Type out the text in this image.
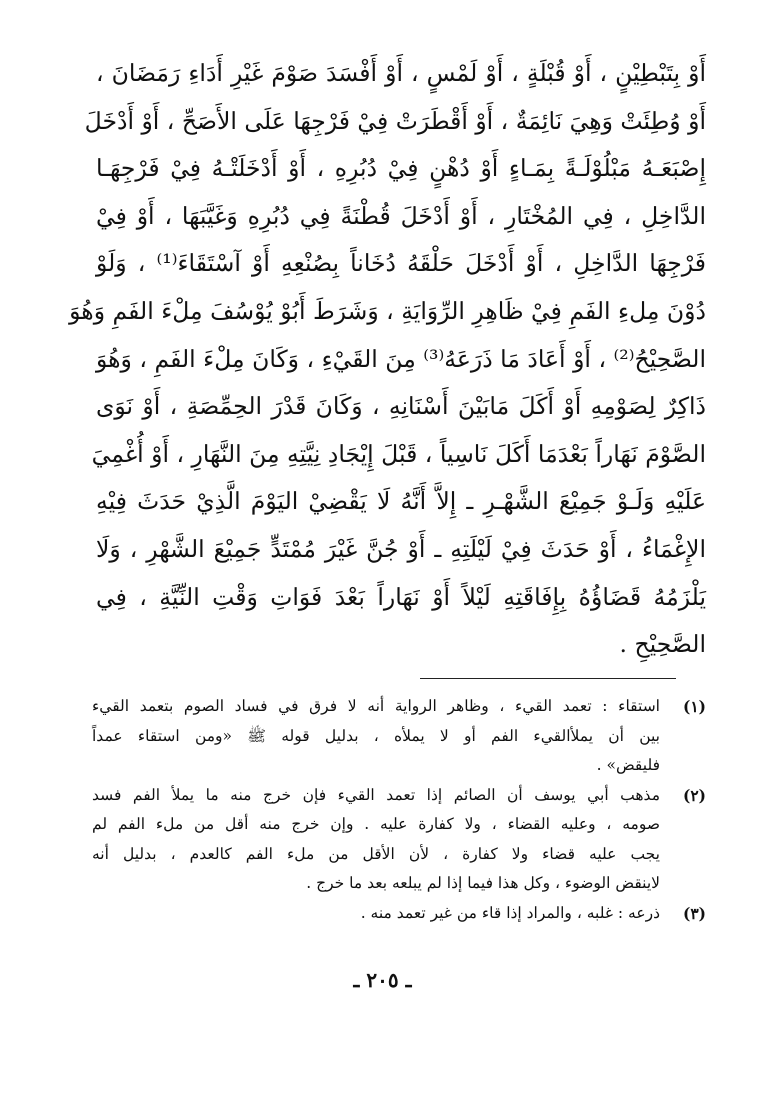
أَوْ بِتَبْطِيْنٍ ، أَوْ قُبْلَةٍ ، أَوْ لَمْسٍ ، أَوْ أَفْسَدَ صَوْمَ غَيْرِ أَدَاءِ رَمَضَانَ ،
أَوْ وُطِئَتْ وَهِيَ نَائِمَةٌ ، أَوْ أَقْطَرَتْ فِيْ فَرْجِهَا عَلَى الأَصَحِّ ، أَوْ أَدْخَلَ
إِصْبَعَـهُ مَبْلُوْلَـةً بِمَـاءٍ أَوْ دُهْنٍ فِيْ دُبُرِهِ ، أَوْ أَدْخَلَتْـهُ فِيْ فَرْجِهَـا
الدَّاخِلِ ، فِي المُخْتَارِ ، أَوْ أَدْخَلَ قُطْنَةً فِي دُبُرِهِ وَغَيَّبَهَا ، أَوْ فِيْ
فَرْجِهَا الدَّاخِلِ ، أَوْ أَدْخَلَ حَلْقَهُ دُخَاناً بِصُنْعِهِ أَوْ آسْتَقَاءَ⁽¹⁾ ، وَلَوْ
دُوْنَ مِلءِ الفَمِ فِيْ ظَاهِرِ الرِّوَايَةِ ، وَشَرَطَ أَبُوْ يُوْسُفَ مِلْءَ الفَمِ وَهُوَ
الصَّحِيْحُ⁽²⁾ ، أَوْ أَعَادَ مَا ذَرَعَهُ⁽³⁾ مِنَ القَيْءِ ، وَكَانَ مِلْءَ الفَمِ ، وَهُوَ
ذَاكِرٌ لِصَوْمِهِ أَوْ أَكَلَ مَابَيْنَ أَسْنَانِهِ ، وَكَانَ قَدْرَ الحِمِّصَةِ ، أَوْ نَوَى
الصَّوْمَ نَهَاراً بَعْدَمَا أَكَلَ نَاسِياً ، قَبْلَ إِيْجَادِ نِيَّتِهِ مِنَ النَّهَارِ ، أَوْ أُغْمِيَ
عَلَيْهِ وَلَـوْ جَمِيْعَ الشَّهْـرِ ـ إِلاَّ أَنَّهُ لَا يَقْضِيْ اليَوْمَ الَّذِيْ حَدَثَ فِيْهِ
الإِغْمَاءُ ، أَوْ حَدَثَ فِيْ لَيْلَتِهِ ـ أَوْ جُنَّ غَيْرَ مُمْتَدٍّ جَمِيْعَ الشَّهْرِ ، وَلَا
يَلْزَمُهُ قَضَاؤُهُ بِإِفَاقَتِهِ لَيْلاً أَوْ نَهَاراً بَعْدَ فَوَاتِ وَقْتِ النِّيَّةِ ، فِي
الصَّحِيْحِ .
(١)
استقاء : تعمد القيء ، وظاهر الرواية أنه لا فرق في فساد الصوم بتعمد القيء
بين أن يملأالقيء الفم أو لا يملأه ، بدليل قوله ﷺ «ومن استقاء عمداً
فليقض» .
(٢)
مذهب أبي يوسف أن الصائم إذا تعمد القيء فإن خرج منه ما يملأ الفم فسد
صومه ، وعليه القضاء ، ولا كفارة عليه . وإن خرج منه أقل من ملء الفم لم
يجب عليه قضاء ولا كفارة ، لأن الأقل من ملء الفم كالعدم ، بدليل أنه
لاينقض الوضوء ، وكل هذا فيما إذا لم يبلعه بعد ما خرج .
(٣)
ذرعه : غلبه ، والمراد إذا قاء من غير تعمد منه .
ـ ٢٠٥ ـ
